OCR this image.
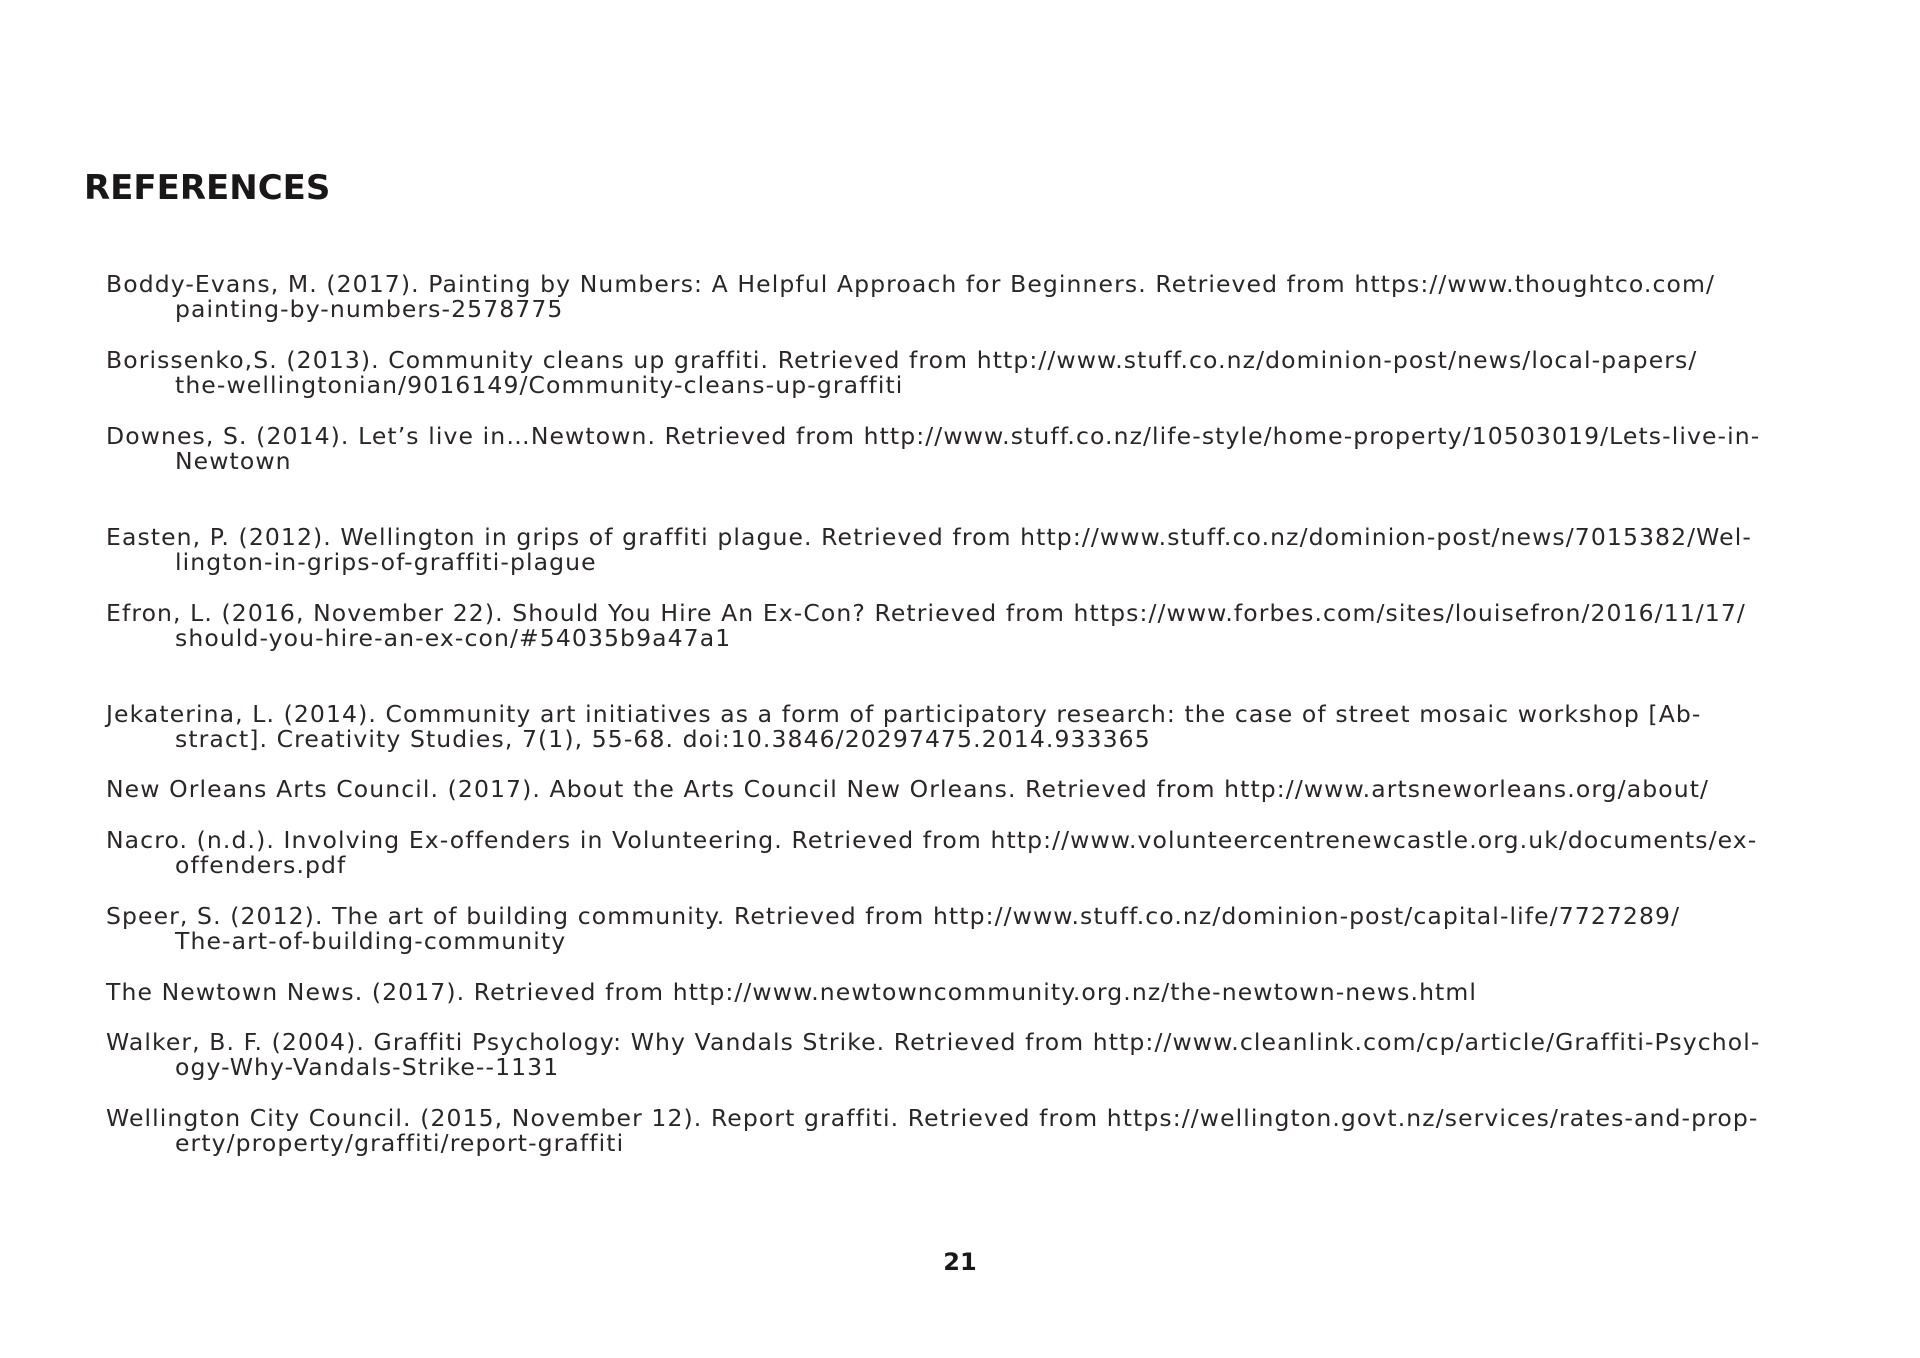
REFERENCES
Boddy-Evans, M. (2017). Painting by Numbers: A Helpful Approach for Beginners. Retrieved from https://www.thoughtco.com/
painting-by-numbers-2578775
Borissenko,S. (2013). Community cleans up graffiti. Retrieved from http://www.stuff.co.nz/dominion-post/news/local-papers/
the-wellingtonian/9016149/Community-cleans-up-graffiti
Downes, S. (2014). Let’s live in…Newtown. Retrieved from http://www.stuff.co.nz/life-style/home-property/10503019/Lets-live-in-
Newtown
Easten, P. (2012). Wellington in grips of graffiti plague. Retrieved from http://www.stuff.co.nz/dominion-post/news/7015382/Wel-
lington-in-grips-of-graffiti-plague
Efron, L. (2016, November 22). Should You Hire An Ex-Con? Retrieved from https://www.forbes.com/sites/louisefron/2016/11/17/
should-you-hire-an-ex-con/#54035b9a47a1
Jekaterina, L. (2014). Community art initiatives as a form of participatory research: the case of street mosaic workshop [Ab-
stract]. Creativity Studies, 7(1), 55-68. doi:10.3846/20297475.2014.933365
New Orleans Arts Council. (2017). About the Arts Council New Orleans. Retrieved from http://www.artsneworleans.org/about/
Nacro. (n.d.). Involving Ex-offenders in Volunteering. Retrieved from http://www.volunteercentrenewcastle.org.uk/documents/ex-
offenders.pdf
Speer, S. (2012). The art of building community. Retrieved from http://www.stuff.co.nz/dominion-post/capital-life/7727289/
The-art-of-building-community
The Newtown News. (2017). Retrieved from http://www.newtowncommunity.org.nz/the-newtown-news.html
Walker, B. F. (2004). Graffiti Psychology: Why Vandals Strike. Retrieved from http://www.cleanlink.com/cp/article/Graffiti-Psychol-
ogy-Why-Vandals-Strike--1131
Wellington City Council. (2015, November 12). Report graffiti. Retrieved from https://wellington.govt.nz/services/rates-and-prop-
erty/property/graffiti/report-graffiti
21
